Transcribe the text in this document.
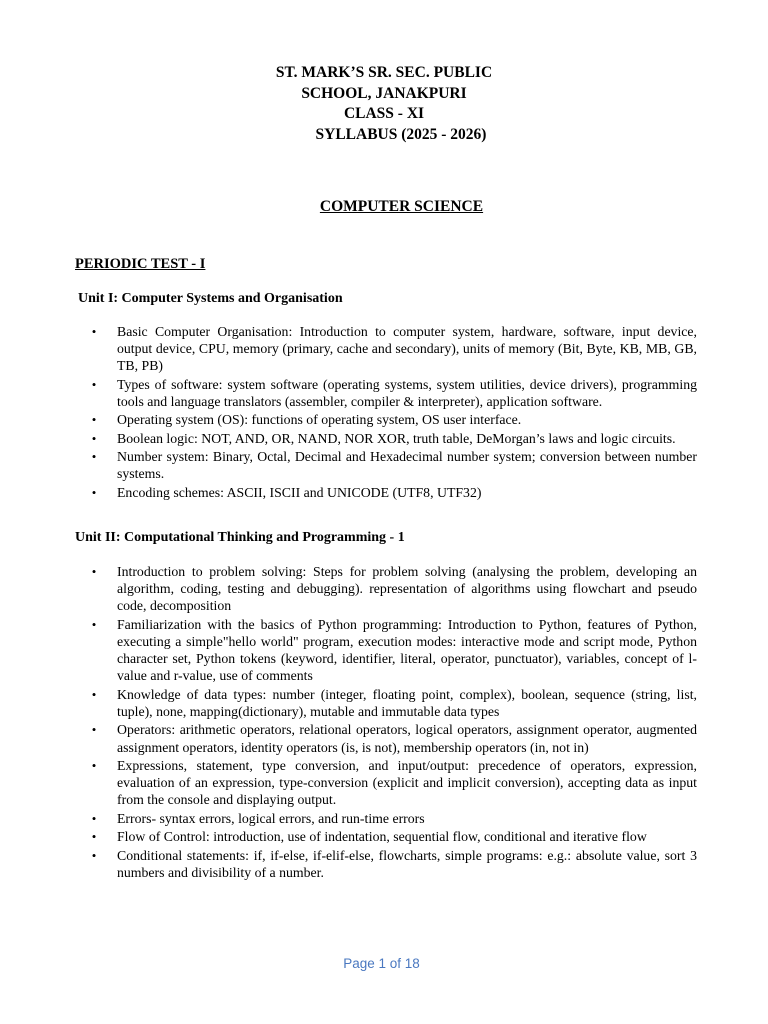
ST. MARK’S SR. SEC. PUBLIC
SCHOOL, JANAKPURI
CLASS - XI
SYLLABUS (2025 - 2026)
COMPUTER SCIENCE
PERIODIC TEST - I
Unit I: Computer Systems and Organisation
• Basic Computer Organisation: Introduction to computer system, hardware, software, input device, output device, CPU, memory (primary, cache and secondary), units of memory (Bit, Byte, KB, MB, GB, TB, PB)
• Types of software: system software (operating systems, system utilities, device drivers), programming tools and language translators (assembler, compiler & interpreter), application software.
• Operating system (OS): functions of operating system, OS user interface.
• Boolean logic: NOT, AND, OR, NAND, NOR XOR, truth table, DeMorgan’s laws and logic circuits.
• Number system: Binary, Octal, Decimal and Hexadecimal number system; conversion between number systems.
• Encoding schemes: ASCII, ISCII and UNICODE (UTF8, UTF32)
Unit II: Computational Thinking and Programming - 1
• Introduction to problem solving: Steps for problem solving (analysing the problem, developing an algorithm, coding, testing and debugging). representation of algorithms using flowchart and pseudo code, decomposition
• Familiarization with the basics of Python programming: Introduction to Python, features of Python, executing a simple"hello world" program, execution modes: interactive mode and script mode, Python character set, Python tokens (keyword, identifier, literal, operator, punctuator), variables, concept of l- value and r-value, use of comments
• Knowledge of data types: number (integer, floating point, complex), boolean, sequence (string, list, tuple), none, mapping(dictionary), mutable and immutable data types
• Operators: arithmetic operators, relational operators, logical operators, assignment operator, augmented assignment operators, identity operators (is, is not), membership operators (in, not in)
• Expressions, statement, type conversion, and input/output: precedence of operators, expression, evaluation of an expression, type-conversion (explicit and implicit conversion), accepting data as input from the console and displaying output.
• Errors- syntax errors, logical errors, and run-time errors
• Flow of Control: introduction, use of indentation, sequential flow, conditional and iterative flow
• Conditional statements: if, if-else, if-elif-else, flowcharts, simple programs: e.g.: absolute value, sort 3 numbers and divisibility of a number.
Page 1 of 18
